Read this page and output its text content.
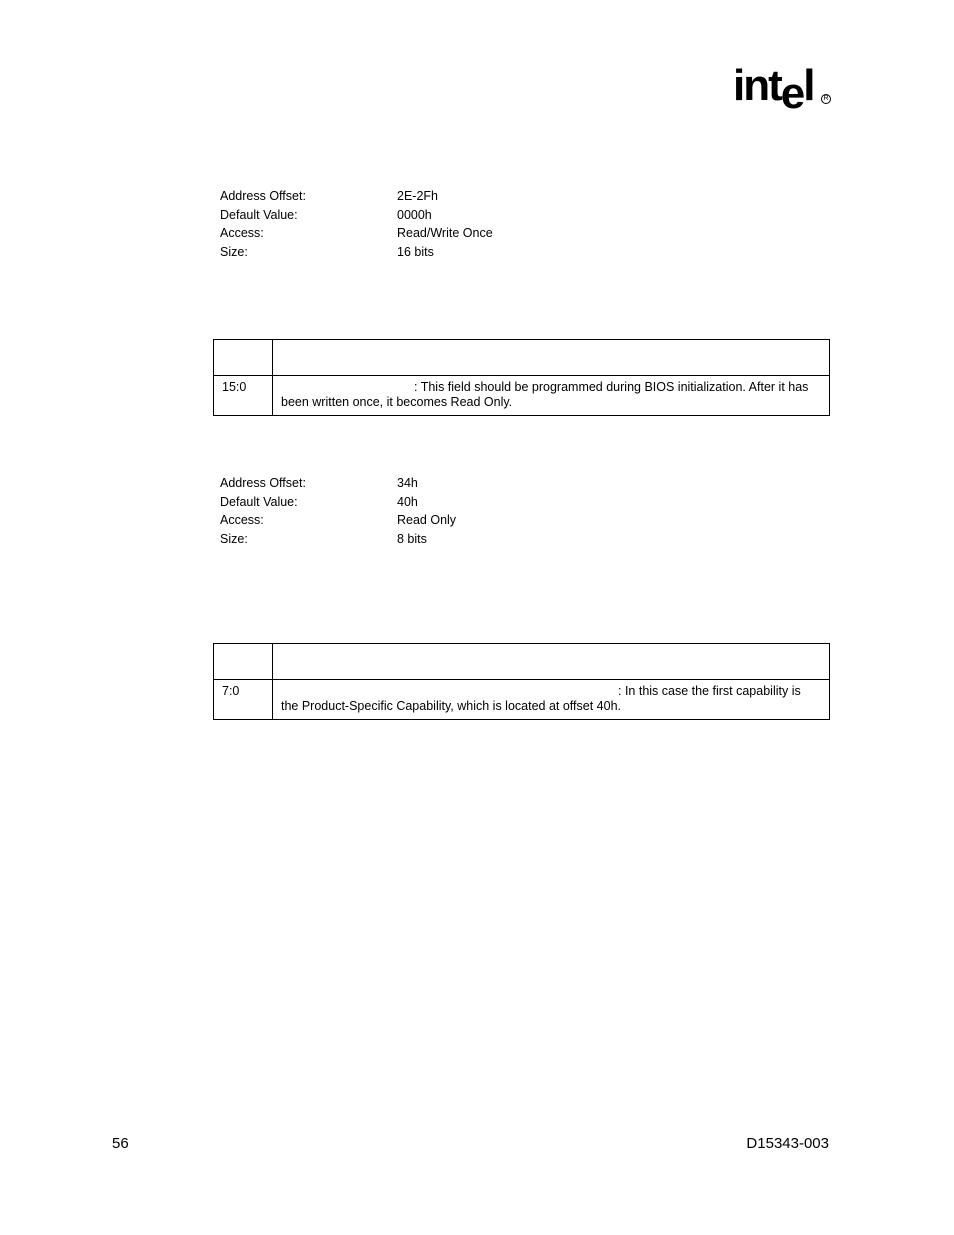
intel	R
Address Offset:	2E-2Fh
Default Value:	0000h
Access:	Read/Write Once
Size:	16 bits

15:0	: This field should be programmed during BIOS initialization. After it has been written once, it becomes Read Only.
Address Offset:	34h
Default Value:	40h
Access:	Read Only
Size:	8 bits

7:0	: In this case the first capability is the Product-Specific Capability, which is located at offset 40h.
56	D15343-003
